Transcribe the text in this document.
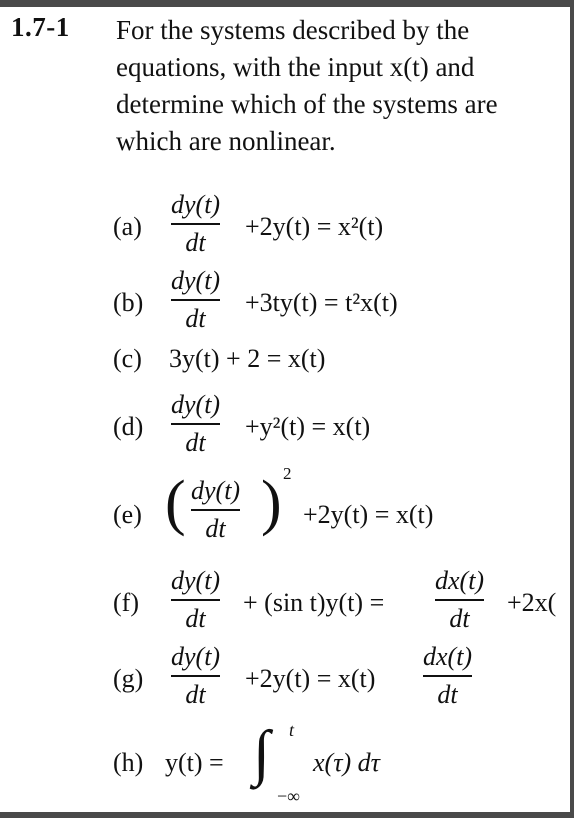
1.7-1 For the systems described by the
equations, with the input x(t) and
determine which of the systems are
which are nonlinear.
(a)
dy(t)
dt
+2y(t) = x²(t)
(b)
dy(t)
dt
+3ty(t) = t²x(t)
(c) 3y(t) + 2 = x(t)
(d)
dy(t)
dt
+y²(t) = x(t)
(e) ( dy(t)
dt ) 2
+2y(t) = x(t)
(f)
dy(t)
dt
+ (sin t)y(t) =
dx(t)
dt
+2x(
(g)
dy(t)
dt
+2y(t) = x(t)
dx(t)
dt
(h) y(t) = ∫ t
−∞
x(τ) dτ
